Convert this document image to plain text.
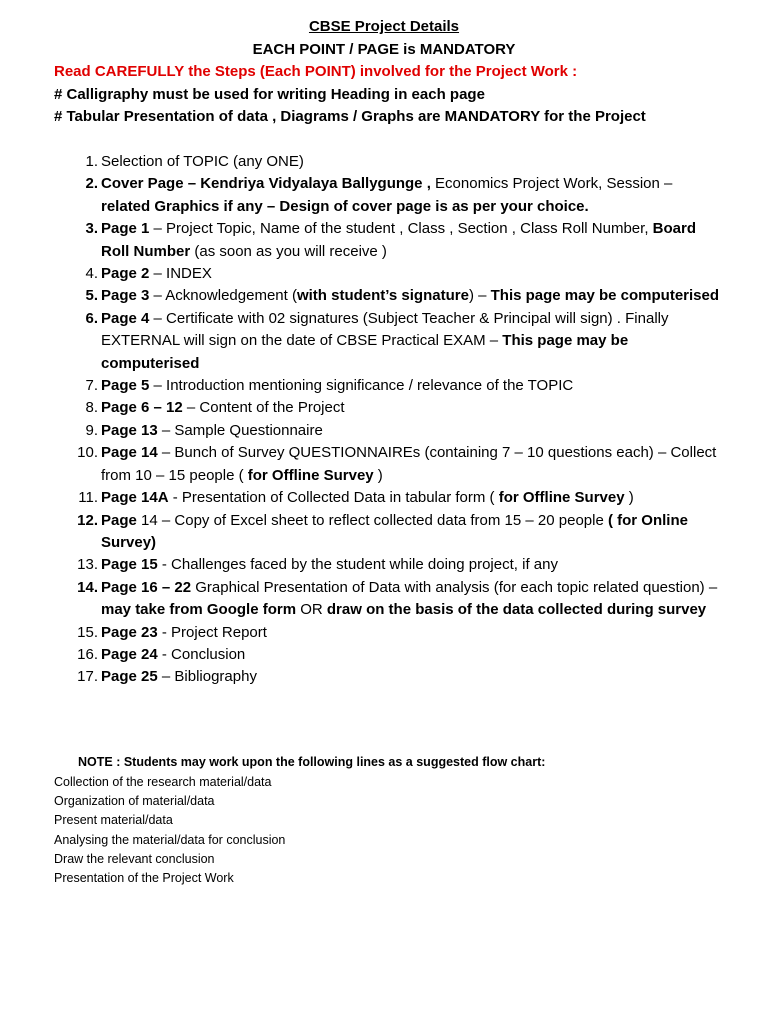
CBSE Project Details
EACH POINT / PAGE is MANDATORY
Read CAREFULLY the Steps (Each POINT) involved for the Project Work :
# Calligraphy must be used for writing Heading in each page
# Tabular Presentation of data , Diagrams / Graphs are MANDATORY for the Project
1. Selection of TOPIC (any ONE)
2. Cover Page – Kendriya Vidyalaya Ballygunge , Economics Project Work, Session – related Graphics if any – Design of cover page is as per your choice.
3. Page 1 – Project Topic, Name of the student , Class , Section , Class Roll Number, Board Roll Number (as soon as you will receive )
4. Page 2 – INDEX
5. Page 3 – Acknowledgement (with student’s signature) – This page may be computerised
6. Page 4 – Certificate with 02 signatures (Subject Teacher & Principal will sign) . Finally EXTERNAL will sign on the date of CBSE Practical EXAM – This page may be computerised
7. Page 5 – Introduction mentioning significance / relevance of the TOPIC
8. Page 6 – 12 – Content of the Project
9. Page 13 – Sample Questionnaire
10. Page 14 – Bunch of Survey QUESTIONNAIREs (containing 7 – 10 questions each) – Collect from 10 – 15 people ( for Offline Survey )
11. Page 14A - Presentation of Collected Data in tabular form ( for Offline Survey )
12. Page 14 – Copy of Excel sheet to reflect collected data from 15 – 20 people ( for Online Survey)
13. Page 15 - Challenges faced by the student while doing project, if any
14. Page 16 – 22 Graphical Presentation of Data with analysis (for each topic related question) – may take from Google form OR draw on the basis of the data collected during survey
15. Page 23 - Project Report
16. Page 24 - Conclusion
17. Page 25 – Bibliography
NOTE : Students may work upon the following lines as a suggested flow chart:
Collection of the research material/data
Organization of material/data
Present material/data
Analysing the material/data for conclusion
Draw the relevant conclusion
Presentation of the Project Work
